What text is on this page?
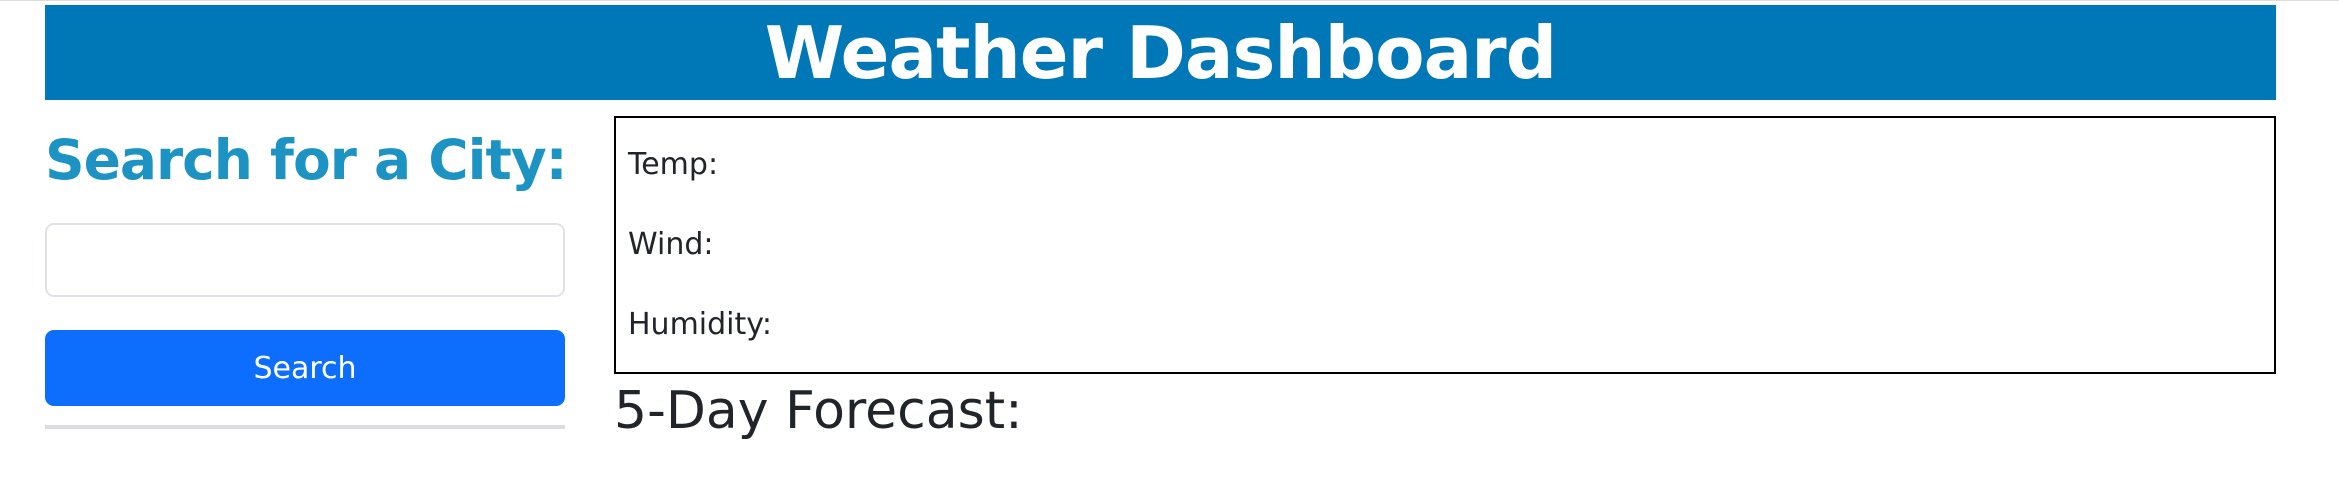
Weather Dashboard
Search for a City:
Search

Temp:

Wind:

Humidity:

5-Day Forecast:
